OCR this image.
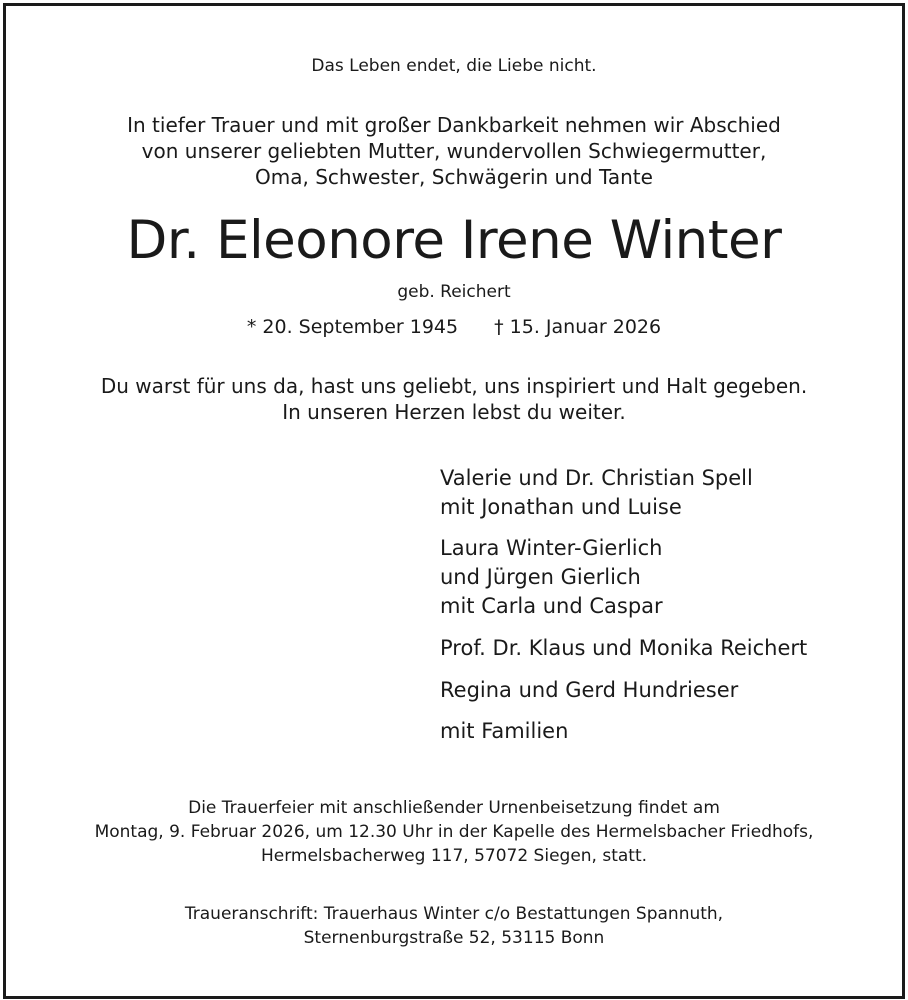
Das Leben endet, die Liebe nicht.
In tiefer Trauer und mit großer Dankbarkeit nehmen wir Abschied
von unserer geliebten Mutter, wundervollen Schwiegermutter,
Oma, Schwester, Schwägerin und Tante
Dr. Eleonore Irene Winter
geb. Reichert
* 20. September 1945 † 15. Januar 2026
Du warst für uns da, hast uns geliebt, uns inspiriert und Halt gegeben.
In unseren Herzen lebst du weiter.
Valerie und Dr. Christian Spell
mit Jonathan und Luise
Laura Winter-Gierlich
und Jürgen Gierlich
mit Carla und Caspar
Prof. Dr. Klaus und Monika Reichert
Regina und Gerd Hundrieser
mit Familien
Die Trauerfeier mit anschließender Urnenbeisetzung findet am
Montag, 9. Februar 2026, um 12.30 Uhr in der Kapelle des Hermelsbacher Friedhofs,
Hermelsbacherweg 117, 57072 Siegen, statt.
Traueranschrift: Trauerhaus Winter c/o Bestattungen Spannuth,
Sternenburgstraße 52, 53115 Bonn
